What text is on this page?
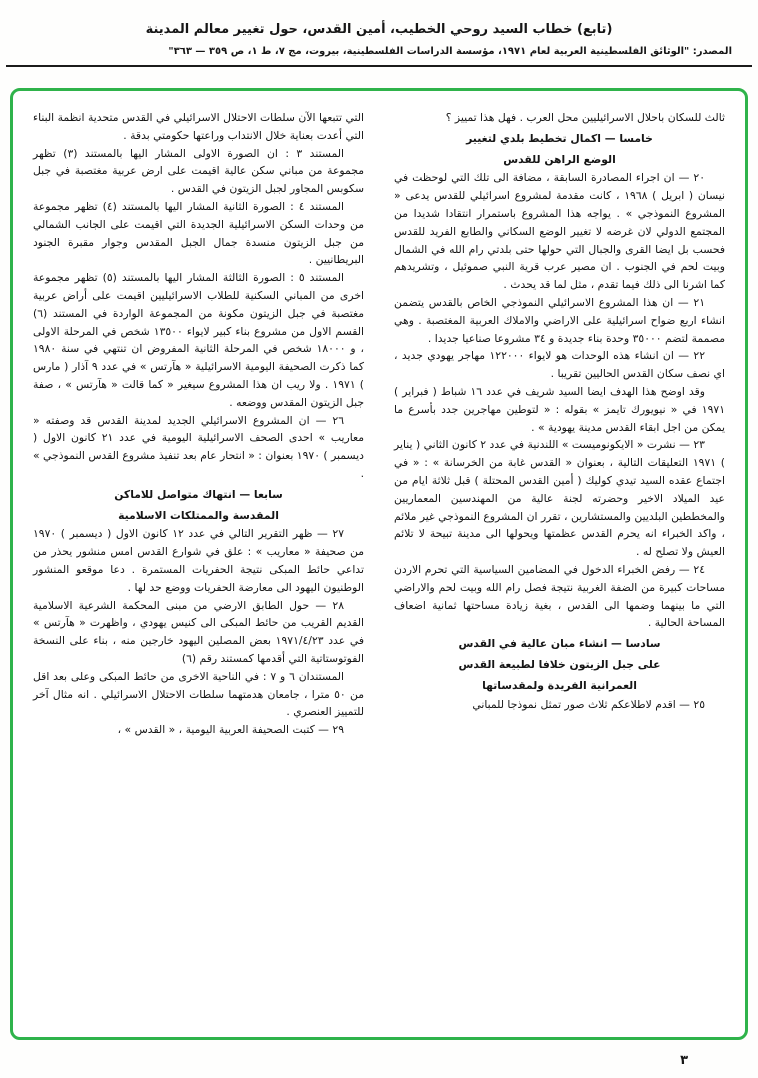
(تابع) خطاب السيد روحي الخطيب، أمين القدس، حول تغيير معالم المدينة
المصدر: "الوثائق الفلسطينية العربية لعام ١٩٧١، مؤسسة الدراسات الفلسطينية، بيروت، مج ٧، ط ١، ص ٣٥٩ — ٣٦٣"

ثالث للسكان باحلال الاسرائيليين محل العرب . فهل هذا تمييز ؟

خامسا — اكمال تخطيط بلدي لتغيير

الوضع الراهن للقدس

٢٠ — ان اجراء المصادرة السابقة ، مضافة الى تلك التي لوحظت في نيسان ( ابريل ) ١٩٦٨ ، كانت مقدمة لمشروع اسرائيلي للقدس يدعى « المشروع النموذجي » . يواجه هذا المشروع باستمرار انتقادا شديدا من المجتمع الدولي لان غرضه لا تغيير الوضع السكاني والطابع الفريد للقدس فحسب بل ايضا القرى والجبال التي حولها حتى بلدتي رام الله في الشمال وبيت لحم في الجنوب . ان مصير عرب قرية النبي صموئيل ، وتشريدهم كما اشرنا الى ذلك فيما تقدم ، مثل لما قد يحدث .

٢١ — ان هذا المشروع الاسرائيلي النموذجي الخاص بالقدس يتضمن انشاء اربع ضواح اسرائيلية على الاراضي والاملاك العربية المغتصبة . وهي مصممة لتضم ٣٥٠٠٠ وحدة بناء جديدة و ٣٤ مشروعا صناعيا جديدا .

٢٢ — ان انشاء هذه الوحدات هو لايواء ١٢٢٠٠٠ مهاجر يهودي جديد ، اي نصف سكان القدس الحاليين تقريبا .

وقد اوضح هذا الهدف ايضا السيد شريف في عدد ١٦ شباط ( فبراير ) ١٩٧١ في « نيويورك تايمز » بقوله : « لتوطين مهاجرين جدد بأسرع ما يمكن من اجل ابقاء القدس مدينة يهودية » .

٢٣ — نشرت « الايكونوميست » اللندنية في عدد ٢ كانون الثاني ( يناير ) ١٩٧١ التعليقات التالية ، بعنوان « القدس غابة من الخرسانة » : « في اجتماع عقده السيد تيدي كوليك ( أمين القدس المحتلة ) قبل ثلاثة ايام من عيد الميلاد الاخير وحضرته لجنة عالية من المهندسين المعماريين والمخططين البلديين والمستشارين ، تقرر ان المشروع النموذجي غير ملائم ، واكد الخبراء انه يحرم القدس عظمتها ويحولها الى مدينة تبيحة لا تلائم العيش ولا تصلح له .

٢٤ — رفض الخبراء الدخول في المضامين السياسية التي تحرم الاردن مساحات كبيرة من الضفة الغربية نتيجة فصل رام الله وبيت لحم والاراضي التي ما بينهما وضمها الى القدس ، بغية زيادة مساحتها ثمانية اضعاف المساحة الحالية .

سادسا — انشاء مبان عالية في القدس

على جبل الزيتون خلافا لطبيعة القدس

العمرانية الفريدة ولمقدساتها

٢٥ — اقدم لاطلاعكم ثلاث صور تمثل نموذجا للمباني

التي تتبعها الآن سلطات الاحتلال الاسرائيلي في القدس متحدية انظمة البناء التي أعدت بعناية خلال الانتداب وراعتها حكومتي بدقة .

المستند ٣ : ان الصورة الاولى المشار اليها بالمستند (٣) تظهر مجموعة من مباني سكن عالية اقيمت على ارض عربية مغتصبة في جبل سكوبس المجاور لجبل الزيتون في القدس .

المستند ٤ : الصورة الثانية المشار اليها بالمستند (٤) تظهر مجموعة من وحدات السكن الاسرائيلية الجديدة التي اقيمت على الجانب الشمالي من جبل الزيتون منسدة جمال الجبل المقدس وجوار مقبرة الجنود البريطانيين .

المستند ٥ : الصورة الثالثة المشار اليها بالمستند (٥) تظهر مجموعة اخرى من المباني السكنية للطلاب الاسرائيليين اقيمت على أراض عربية مغتصبة في جبل الزيتون مكونة من المجموعة الواردة في المستند (٦) القسم الاول من مشروع بناء كبير لايواء ١٣٥٠٠ شخص في المرحلة الاولى ، و ١٨٠٠٠ شخص في المرحلة الثانية المفروض ان تنتهي في سنة ١٩٨٠ كما ذكرت الصحيفة اليومية الاسرائيلية « هآرتس » في عدد ٩ آذار ( مارس ) ١٩٧١ . ولا ريب ان هذا المشروع سيغير « كما قالت « هآرتس » ، صفة جبل الزيتون المقدس ووضعه .

٢٦ — ان المشروع الاسرائيلي الجديد لمدينة القدس قد وصفته « معاريب » احدى الصحف الاسرائيلية اليومية في عدد ٢١ كانون الاول ( ديسمبر ) ١٩٧٠ بعنوان : « انتحار عام بعد تنفيذ مشروع القدس النموذجي » .

سابعا — انتهاك متواصل للاماكن

المقدسة والممتلكات الاسلامية

٢٧ — ظهر التقرير التالي في عدد ١٢ كانون الاول ( ديسمبر ) ١٩٧٠ من صحيفة « معاريب » : علق في شوارع القدس امس منشور يحذر من تداعي حائط المبكى نتيجة الحفريات المستمرة . دعا موقعو المنشور الوطنيون اليهود الى معارضة الحفريات ووضع حد لها .

٢٨ — حول الطابق الارضي من مبنى المحكمة الشرعية الاسلامية القديم القريب من حائط المبكى الى كنيس يهودي ، واظهرت « هآرتس » في عدد ١٩٧١/٤/٢٣ بعض المصلين اليهود خارجين منه ، بناء على النسخة الفوتوستاتية التي أقدمها كمستند رقم (٦)

المستندان ٦ و ٧ : في الناحية الاخرى من حائط المبكى وعلى بعد اقل من ٥٠ مترا ، جامعان هدمتهما سلطات الاحتلال الاسرائيلي . انه مثال آخر للتمييز العنصري .

٢٩ — كتبت الصحيفة العربية اليومية ، « القدس » ،

٣
